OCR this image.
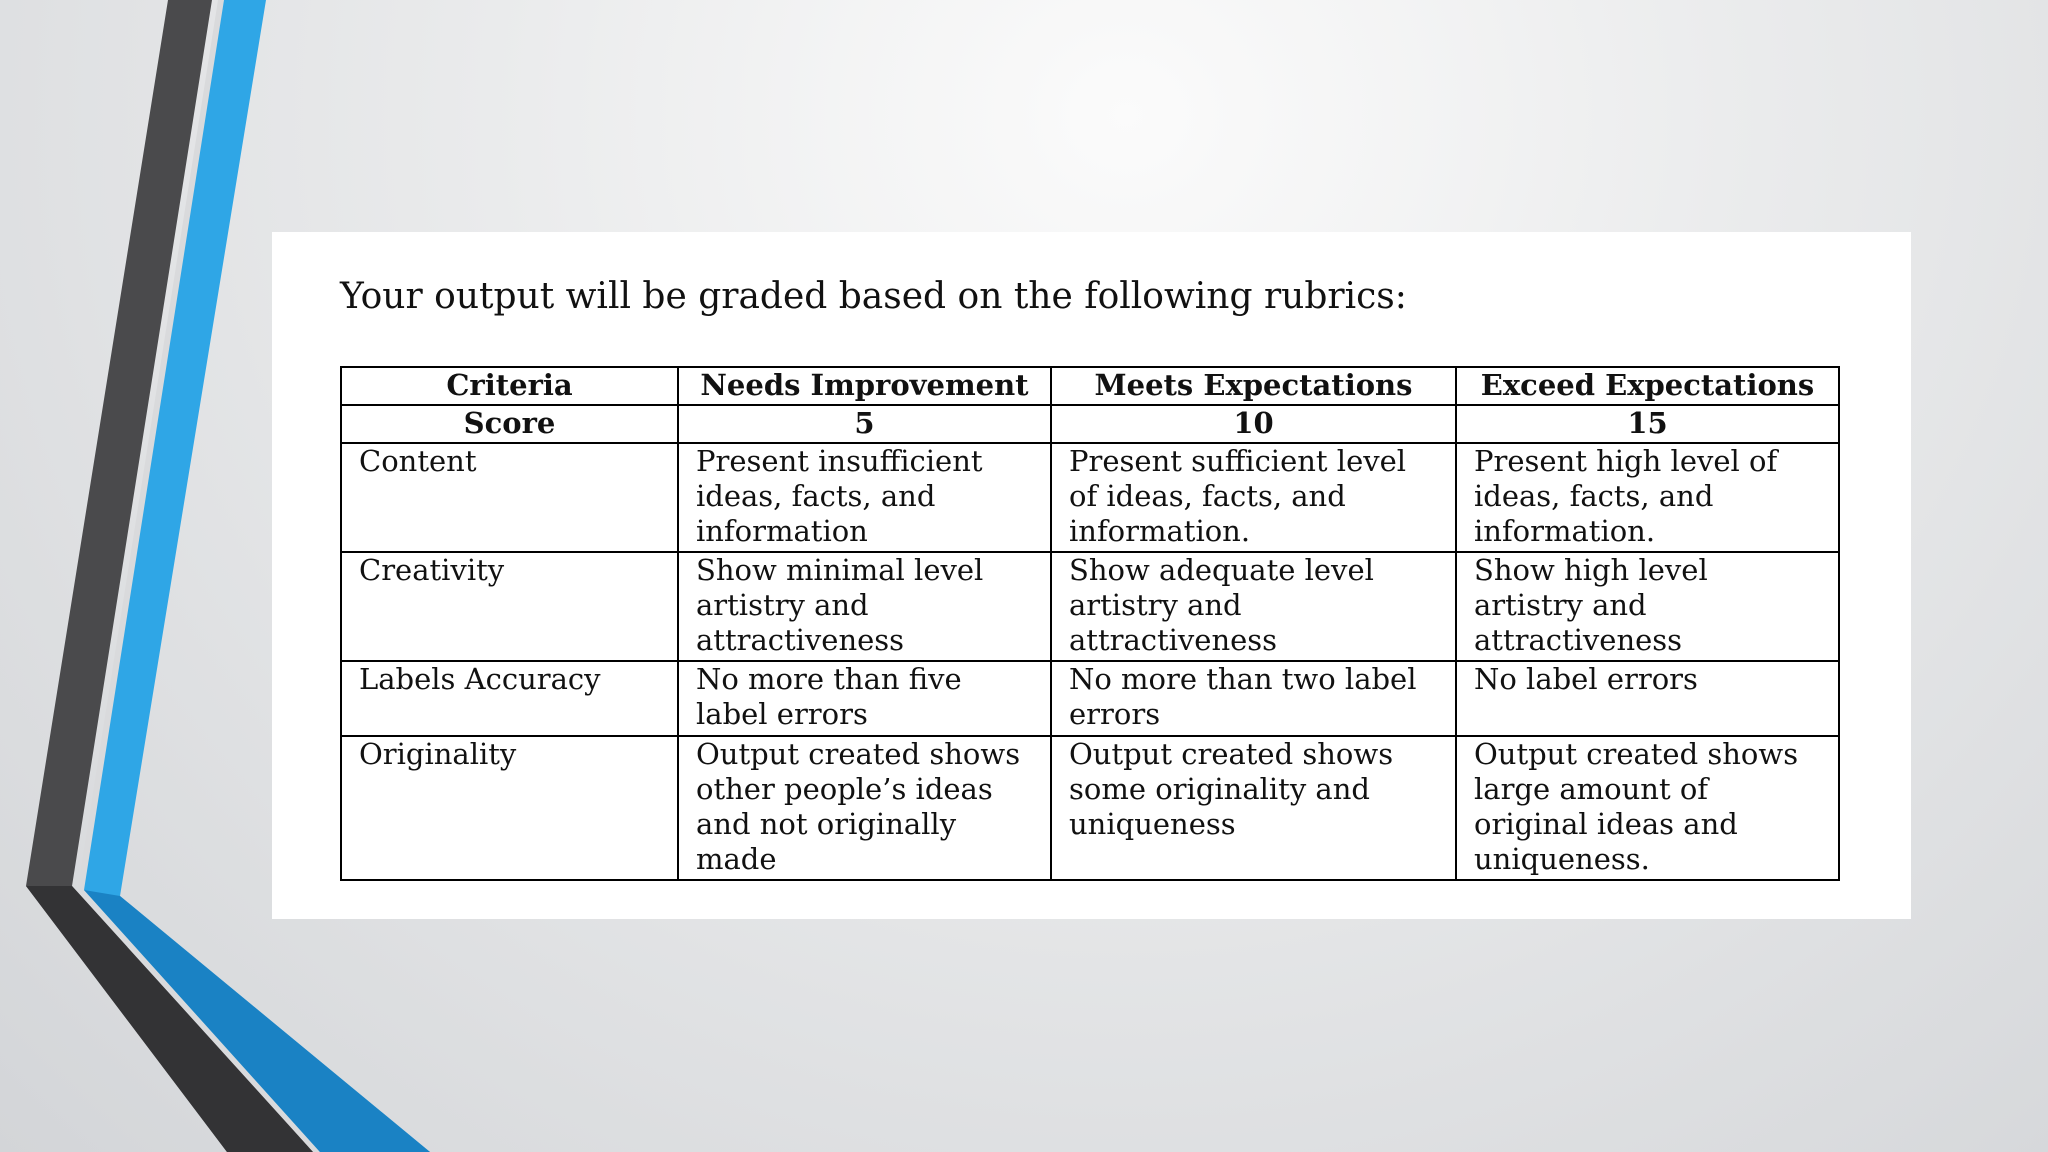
Your output will be graded based on the following rubrics:
Criteria	Needs Improvement	Meets Expectations	Exceed Expectations
Score	5	10	15
Content	Present insufficient ideas, facts, and information	Present sufficient level of ideas, facts, and information.	Present high level of ideas, facts, and information.
Creativity	Show minimal level artistry and attractiveness	Show adequate level artistry and attractiveness	Show high level artistry and attractiveness
Labels Accuracy	No more than five label errors	No more than two label errors	No label errors
Originality	Output created shows other people’s ideas and not originally made	Output created shows some originality and uniqueness	Output created shows large amount of original ideas and uniqueness.
